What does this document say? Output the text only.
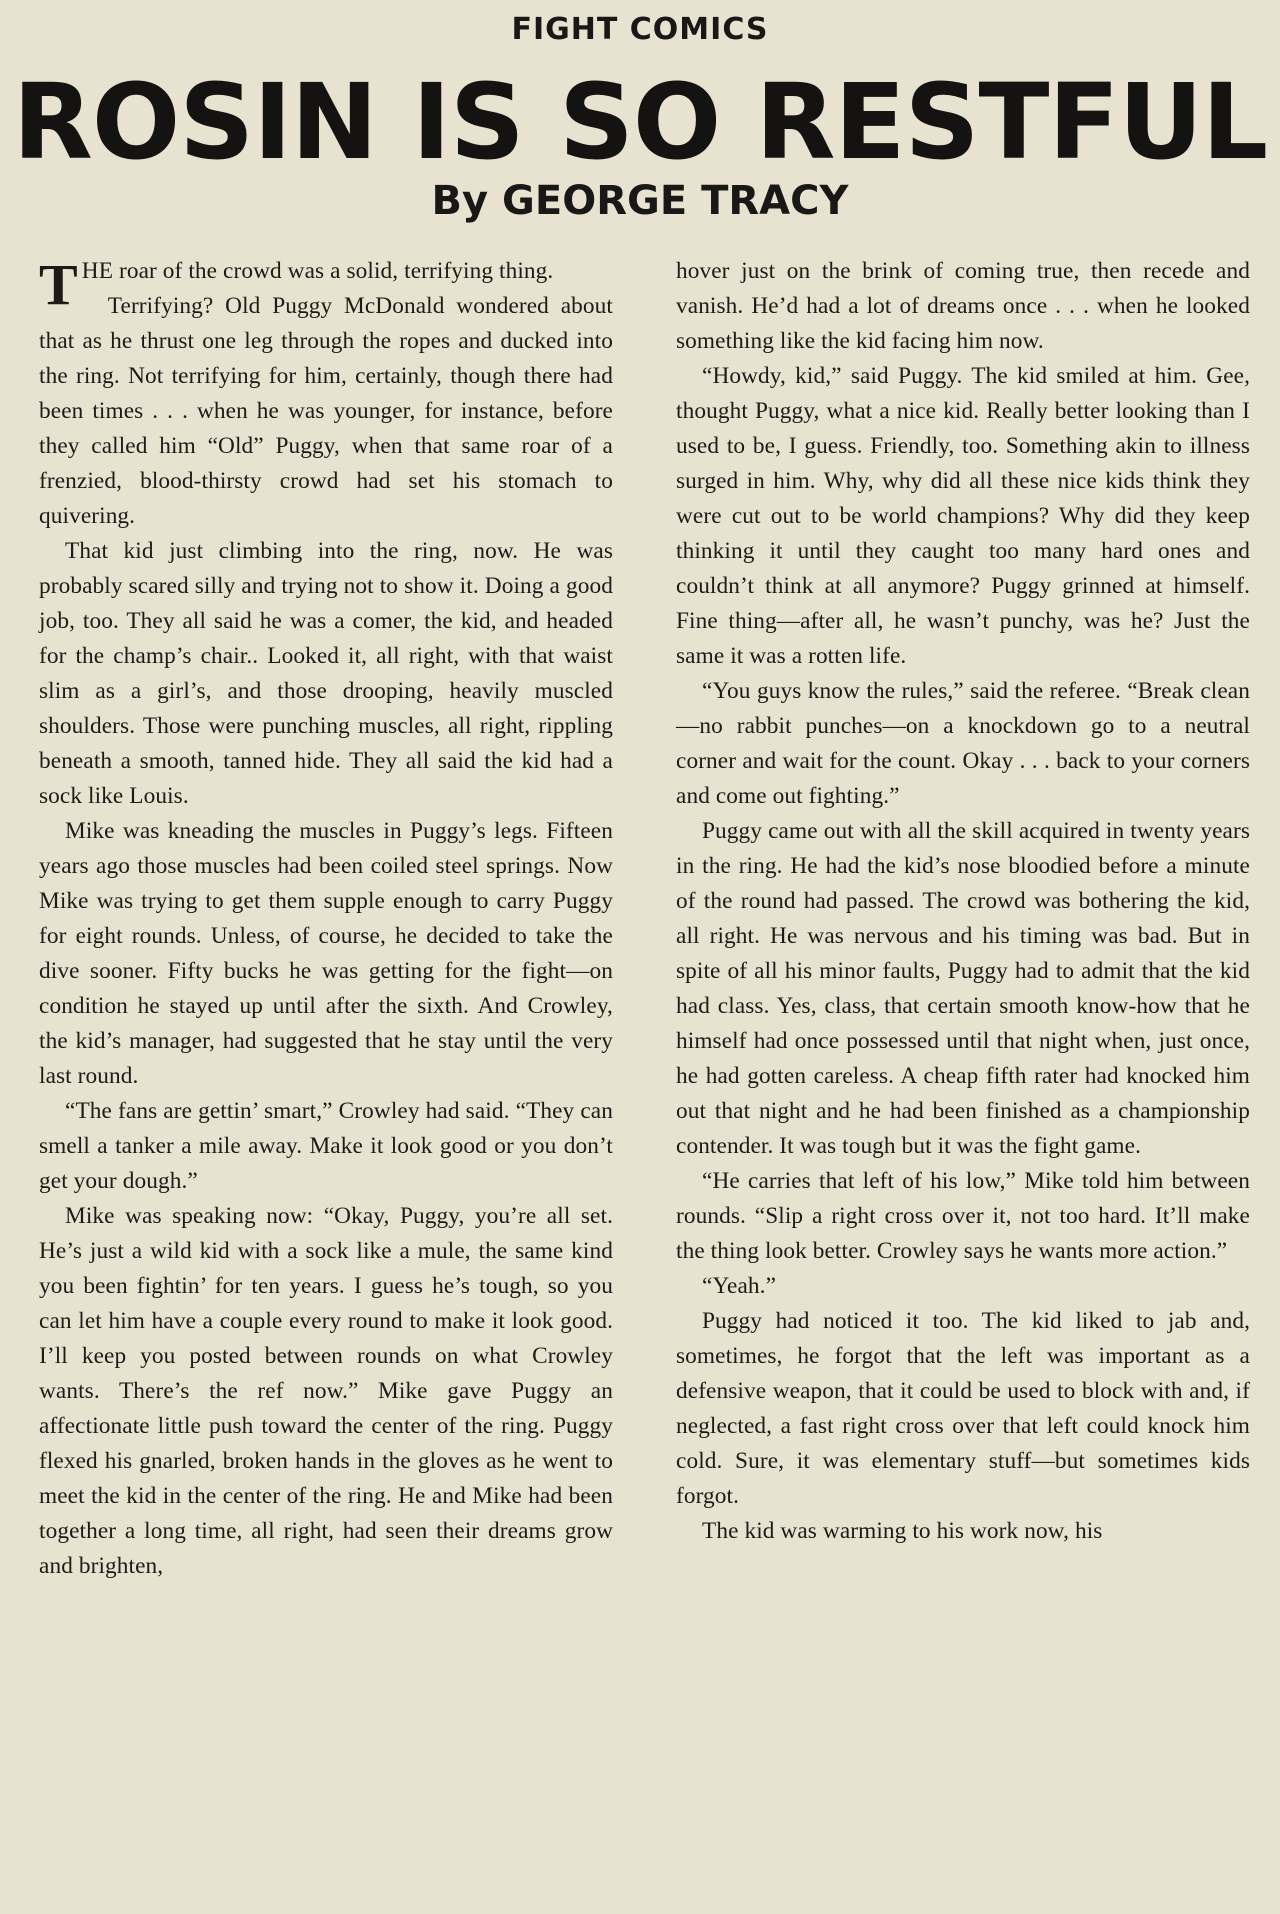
FIGHT COMICS
ROSIN IS SO RESTFUL
By GEORGE TRACY

THE roar of the crowd was a solid, terrifying thing.

Terrifying? Old Puggy McDonald wondered about that as he thrust one leg through the ropes and ducked into the ring. Not terrifying for him, certainly, though there had been times . . . when he was younger, for instance, before they called him “Old” Puggy, when that same roar of a frenzied, blood-thirsty crowd had set his stomach to quivering.

That kid just climbing into the ring, now. He was probably scared silly and trying not to show it. Doing a good job, too. They all said he was a comer, the kid, and headed for the champ’s chair.. Looked it, all right, with that waist slim as a girl’s, and those drooping, heavily muscled shoulders. Those were punching muscles, all right, rippling beneath a smooth, tanned hide. They all said the kid had a sock like Louis.

Mike was kneading the muscles in Puggy’s legs. Fifteen years ago those muscles had been coiled steel springs. Now Mike was trying to get them supple enough to carry Puggy for eight rounds. Unless, of course, he decided to take the dive sooner. Fifty bucks he was getting for the fight—on condition he stayed up until after the sixth. And Crowley, the kid’s manager, had suggested that he stay until the very last round.

“The fans are gettin’ smart,” Crowley had said. “They can smell a tanker a mile away. Make it look good or you don’t get your dough.”

Mike was speaking now: “Okay, Puggy, you’re all set. He’s just a wild kid with a sock like a mule, the same kind you been fightin’ for ten years. I guess he’s tough, so you can let him have a couple every round to make it look good. I’ll keep you posted between rounds on what Crowley wants. There’s the ref now.” Mike gave Puggy an affectionate little push toward the center of the ring. Puggy flexed his gnarled, broken hands in the gloves as he went to meet the kid in the center of the ring. He and Mike had been together a long time, all right, had seen their dreams grow and brighten,

hover just on the brink of coming true, then recede and vanish. He’d had a lot of dreams once . . . when he looked something like the kid facing him now.

“Howdy, kid,” said Puggy. The kid smiled at him. Gee, thought Puggy, what a nice kid. Really better looking than I used to be, I guess. Friendly, too. Something akin to illness surged in him. Why, why did all these nice kids think they were cut out to be world champions? Why did they keep thinking it until they caught too many hard ones and couldn’t think at all anymore? Puggy grinned at himself. Fine thing—after all, he wasn’t punchy, was he? Just the same it was a rotten life.

“You guys know the rules,” said the referee. “Break clean—no rabbit punches—on a knockdown go to a neutral corner and wait for the count. Okay . . . back to your corners and come out fighting.”

Puggy came out with all the skill acquired in twenty years in the ring. He had the kid’s nose bloodied before a minute of the round had passed. The crowd was bothering the kid, all right. He was nervous and his timing was bad. But in spite of all his minor faults, Puggy had to admit that the kid had class. Yes, class, that certain smooth know-how that he himself had once possessed until that night when, just once, he had gotten careless. A cheap fifth rater had knocked him out that night and he had been finished as a championship contender. It was tough but it was the fight game.

“He carries that left of his low,” Mike told him between rounds. “Slip a right cross over it, not too hard. It’ll make the thing look better. Crowley says he wants more action.”

“Yeah.”

Puggy had noticed it too. The kid liked to jab and, sometimes, he forgot that the left was important as a defensive weapon, that it could be used to block with and, if neglected, a fast right cross over that left could knock him cold. Sure, it was elementary stuff—but sometimes kids forgot.

The kid was warming to his work now, his
